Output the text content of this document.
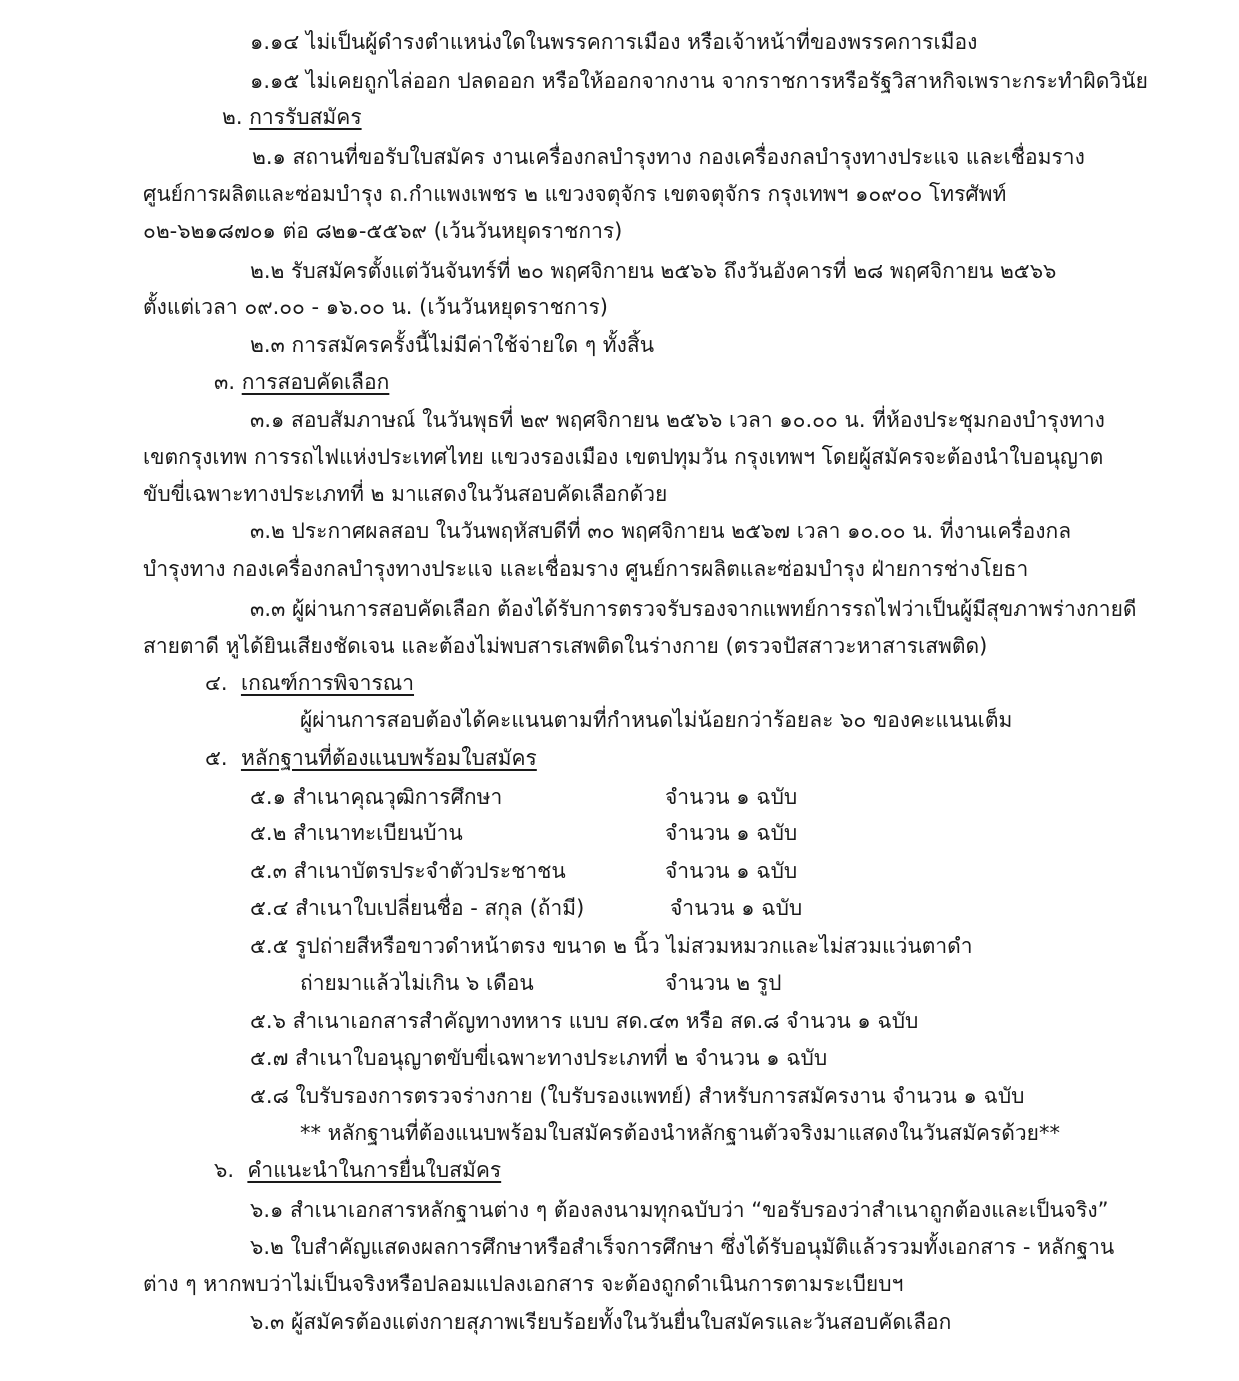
๑.๑๔ ไม่เป็นผู้ดำรงตำแหน่งใดในพรรคการเมือง หรือเจ้าหน้าที่ของพรรคการเมือง
๑.๑๕ ไม่เคยถูกไล่ออก ปลดออก หรือให้ออกจากงาน จากราชการหรือรัฐวิสาหกิจเพราะกระทำผิดวินัย
๒. การรับสมัคร
๒.๑ สถานที่ขอรับใบสมัคร งานเครื่องกลบำรุงทาง กองเครื่องกลบำรุงทางประแจ และเชื่อมราง
ศูนย์การผลิตและซ่อมบำรุง ถ.กำแพงเพชร ๒ แขวงจตุจักร เขตจตุจักร กรุงเทพฯ ๑๐๙๐๐ โทรศัพท์
๐๒-๖๒๑๘๗๐๑ ต่อ ๘๒๑-๕๕๖๙ (เว้นวันหยุดราชการ)
๒.๒ รับสมัครตั้งแต่วันจันทร์ที่ ๒๐ พฤศจิกายน ๒๕๖๖ ถึงวันอังคารที่ ๒๘ พฤศจิกายน ๒๕๖๖
ตั้งแต่เวลา ๐๙.๐๐ - ๑๖.๐๐ น. (เว้นวันหยุดราชการ)
๒.๓ การสมัครครั้งนี้ไม่มีค่าใช้จ่ายใด ๆ ทั้งสิ้น
๓. การสอบคัดเลือก
๓.๑ สอบสัมภาษณ์ ในวันพุธที่ ๒๙ พฤศจิกายน ๒๕๖๖ เวลา ๑๐.๐๐ น. ที่ห้องประชุมกองบำรุงทาง
เขตกรุงเทพ การรถไฟแห่งประเทศไทย แขวงรองเมือง เขตปทุมวัน กรุงเทพฯ โดยผู้สมัครจะต้องนำใบอนุญาต
ขับขี่เฉพาะทางประเภทที่ ๒ มาแสดงในวันสอบคัดเลือกด้วย
๓.๒ ประกาศผลสอบ ในวันพฤหัสบดีที่ ๓๐ พฤศจิกายน ๒๕๖๗ เวลา ๑๐.๐๐ น. ที่งานเครื่องกล
บำรุงทาง กองเครื่องกลบำรุงทางประแจ และเชื่อมราง ศูนย์การผลิตและซ่อมบำรุง ฝ่ายการช่างโยธา
๓.๓ ผู้ผ่านการสอบคัดเลือก ต้องได้รับการตรวจรับรองจากแพทย์การรถไฟว่าเป็นผู้มีสุขภาพร่างกายดี
สายตาดี หูได้ยินเสียงชัดเจน และต้องไม่พบสารเสพติดในร่างกาย (ตรวจปัสสาวะหาสารเสพติด)
๔. เกณฑ์การพิจารณา
ผู้ผ่านการสอบต้องได้คะแนนตามที่กำหนดไม่น้อยกว่าร้อยละ ๖๐ ของคะแนนเต็ม
๕. หลักฐานที่ต้องแนบพร้อมใบสมัคร
๕.๑ สำเนาคุณวุฒิการศึกษา	จำนวน ๑ ฉบับ
๕.๒ สำเนาทะเบียนบ้าน	จำนวน ๑ ฉบับ
๕.๓ สำเนาบัตรประจำตัวประชาชน	จำนวน ๑ ฉบับ
๕.๔ สำเนาใบเปลี่ยนชื่อ - สกุล (ถ้ามี)	จำนวน ๑ ฉบับ
๕.๕ รูปถ่ายสีหรือขาวดำหน้าตรง ขนาด ๒ นิ้ว ไม่สวมหมวกและไม่สวมแว่นตาดำ
ถ่ายมาแล้วไม่เกิน ๖ เดือน	จำนวน ๒ รูป
๕.๖ สำเนาเอกสารสำคัญทางทหาร แบบ สด.๔๓ หรือ สด.๘ จำนวน ๑ ฉบับ
๕.๗ สำเนาใบอนุญาตขับขี่เฉพาะทางประเภทที่ ๒ จำนวน ๑ ฉบับ
๕.๘ ใบรับรองการตรวจร่างกาย (ใบรับรองแพทย์) สำหรับการสมัครงาน จำนวน ๑ ฉบับ
** หลักฐานที่ต้องแนบพร้อมใบสมัครต้องนำหลักฐานตัวจริงมาแสดงในวันสมัครด้วย**
๖. คำแนะนำในการยื่นใบสมัคร
๖.๑ สำเนาเอกสารหลักฐานต่าง ๆ ต้องลงนามทุกฉบับว่า “ขอรับรองว่าสำเนาถูกต้องและเป็นจริง”
๖.๒ ใบสำคัญแสดงผลการศึกษาหรือสำเร็จการศึกษา ซึ่งได้รับอนุมัติแล้วรวมทั้งเอกสาร - หลักฐาน
ต่าง ๆ หากพบว่าไม่เป็นจริงหรือปลอมแปลงเอกสาร จะต้องถูกดำเนินการตามระเบียบฯ
๖.๓ ผู้สมัครต้องแต่งกายสุภาพเรียบร้อยทั้งในวันยื่นใบสมัครและวันสอบคัดเลือก
